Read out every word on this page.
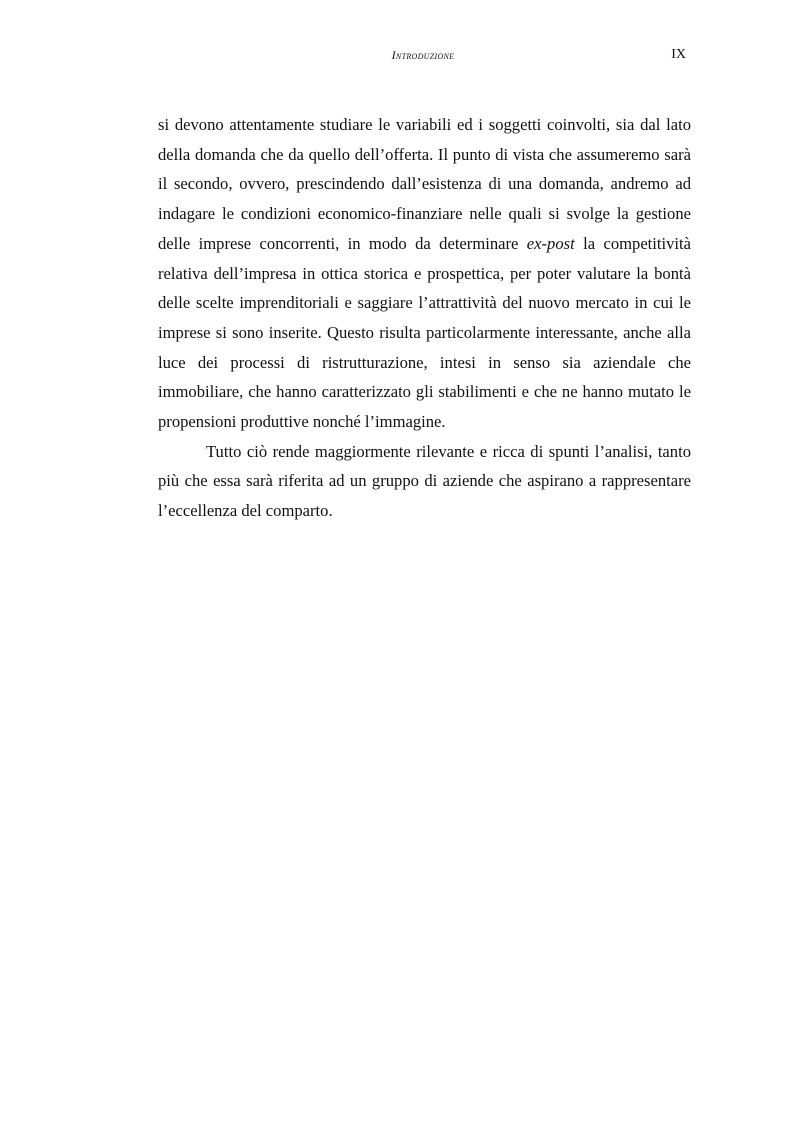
Introduzione	IX

si devono attentamente studiare le variabili ed i soggetti coinvolti, sia dal lato della domanda che da quello dell’offerta. Il punto di vista che assumeremo sarà il secondo, ovvero, prescindendo dall’esistenza di una domanda, andremo ad indagare le condizioni economico-finanziare nelle quali si svolge la gestione delle imprese concorrenti, in modo da determinare ex-post la competitività relativa dell’impresa in ottica storica e prospettica, per poter valutare la bontà delle scelte imprenditoriali e saggiare l’attrattività del nuovo mercato in cui le imprese si sono inserite. Questo risulta particolarmente interessante, anche alla luce dei processi di ristrutturazione, intesi in senso sia aziendale che immobiliare, che hanno caratterizzato gli stabilimenti e che ne hanno mutato le propensioni produttive nonché l’immagine.

Tutto ciò rende maggiormente rilevante e ricca di spunti l’analisi, tanto più che essa sarà riferita ad un gruppo di aziende che aspirano a rappresentare l’eccellenza del comparto.
